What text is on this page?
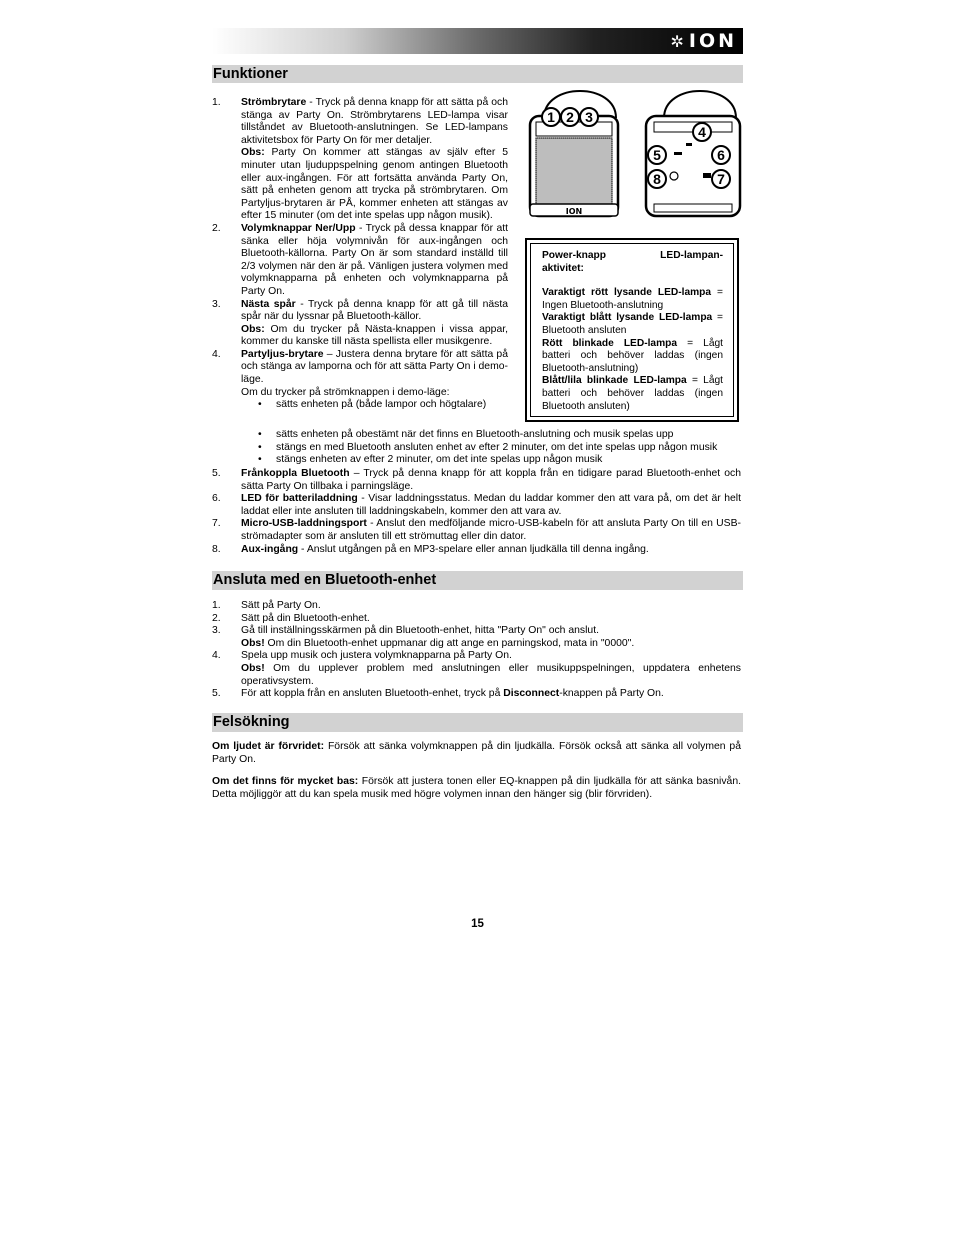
✲ ION
Funktioner
1. Strömbrytare - Tryck på denna knapp för att sätta på och stänga av Party On. Strömbrytarens LED-lampa visar tillståndet av Bluetooth-anslutningen. Se LED-lampans aktivitetsbox för Party On för mer detaljer.
Obs: Party On kommer att stängas av själv efter 5 minuter utan ljuduppspelning genom antingen Bluetooth eller aux-ingången. För att fortsätta använda Party On, sätt på enheten genom att trycka på strömbrytaren. Om Partyljus-brytaren är PÅ, kommer enheten att stängas av efter 15 minuter (om det inte spelas upp någon musik).
2. Volymknappar Ner/Upp - Tryck på dessa knappar för att sänka eller höja volymnivån för aux-ingången och Bluetooth-källorna. Party On är som standard inställd till 2/3 volymen när den är på. Vänligen justera volymen med volymknapparna på enheten och volymknapparna på Party On.
3. Nästa spår - Tryck på denna knapp för att gå till nästa spår när du lyssnar på Bluetooth-källor.
Obs: Om du trycker på Nästa-knappen i vissa appar, kommer du kanske till nästa spellista eller musikgenre.
4. Partyljus-brytare – Justera denna brytare för att sätta på och stänga av lamporna och för att sätta Party On i demo-läge.
Om du trycker på strömknappen i demo-läge:
• sätts enheten på (både lampor och högtalare)
• sätts enheten på obestämt när det finns en Bluetooth-anslutning och musik spelas upp
• stängs en med Bluetooth ansluten enhet av efter 2 minuter, om det inte spelas upp någon musik
• stängs enheten av efter 2 minuter, om det inte spelas upp någon musik
5. Frånkoppla Bluetooth – Tryck på denna knapp för att koppla från en tidigare parad Bluetooth-enhet och sätta Party On tillbaka i parningsläge.
6. LED för batteriladdning - Visar laddningsstatus. Medan du laddar kommer den att vara på, om det är helt laddat eller inte ansluten till laddningskabeln, kommer den att vara av.
7. Micro-USB-laddningsport - Anslut den medföljande micro-USB-kabeln för att ansluta Party On till en USB-strömadapter som är ansluten till ett strömuttag eller din dator.
8. Aux-ingång - Anslut utgången på en MP3-spelare eller annan ljudkälla till denna ingång.
ION
1 2 3
4
5	6
7
8
Power-knapp	LED-lampan-

aktivitet:

Varaktigt rött lysande LED-lampa = Ingen Bluetooth-anslutning

Varaktigt blått lysande LED-lampa = Bluetooth ansluten

Rött blinkade LED-lampa = Lågt batteri och behöver laddas (ingen Bluetooth-anslutning)

Blått/lila blinkade LED-lampa = Lågt batteri och behöver laddas (ingen Bluetooth ansluten)

Ansluta med en Bluetooth-enhet
1. Sätt på Party On.
2. Sätt på din Bluetooth-enhet.
3. Gå till inställningsskärmen på din Bluetooth-enhet, hitta "Party On" och anslut.
Obs! Om din Bluetooth-enhet uppmanar dig att ange en parningskod, mata in "0000".
4. Spela upp musik och justera volymknapparna på Party On.
Obs! Om du upplever problem med anslutningen eller musikuppspelningen, uppdatera enhetens operativsystem.
5. För att koppla från en ansluten Bluetooth-enhet, tryck på Disconnect-knappen på Party On.
Felsökning

Om ljudet är förvridet: Försök att sänka volymknappen på din ljudkälla. Försök också att sänka all volymen på Party On.

Om det finns för mycket bas: Försök att justera tonen eller EQ-knappen på din ljudkälla för att sänka basnivån. Detta möjliggör att du kan spela musik med högre volymen innan den hänger sig (blir förvriden).

15
